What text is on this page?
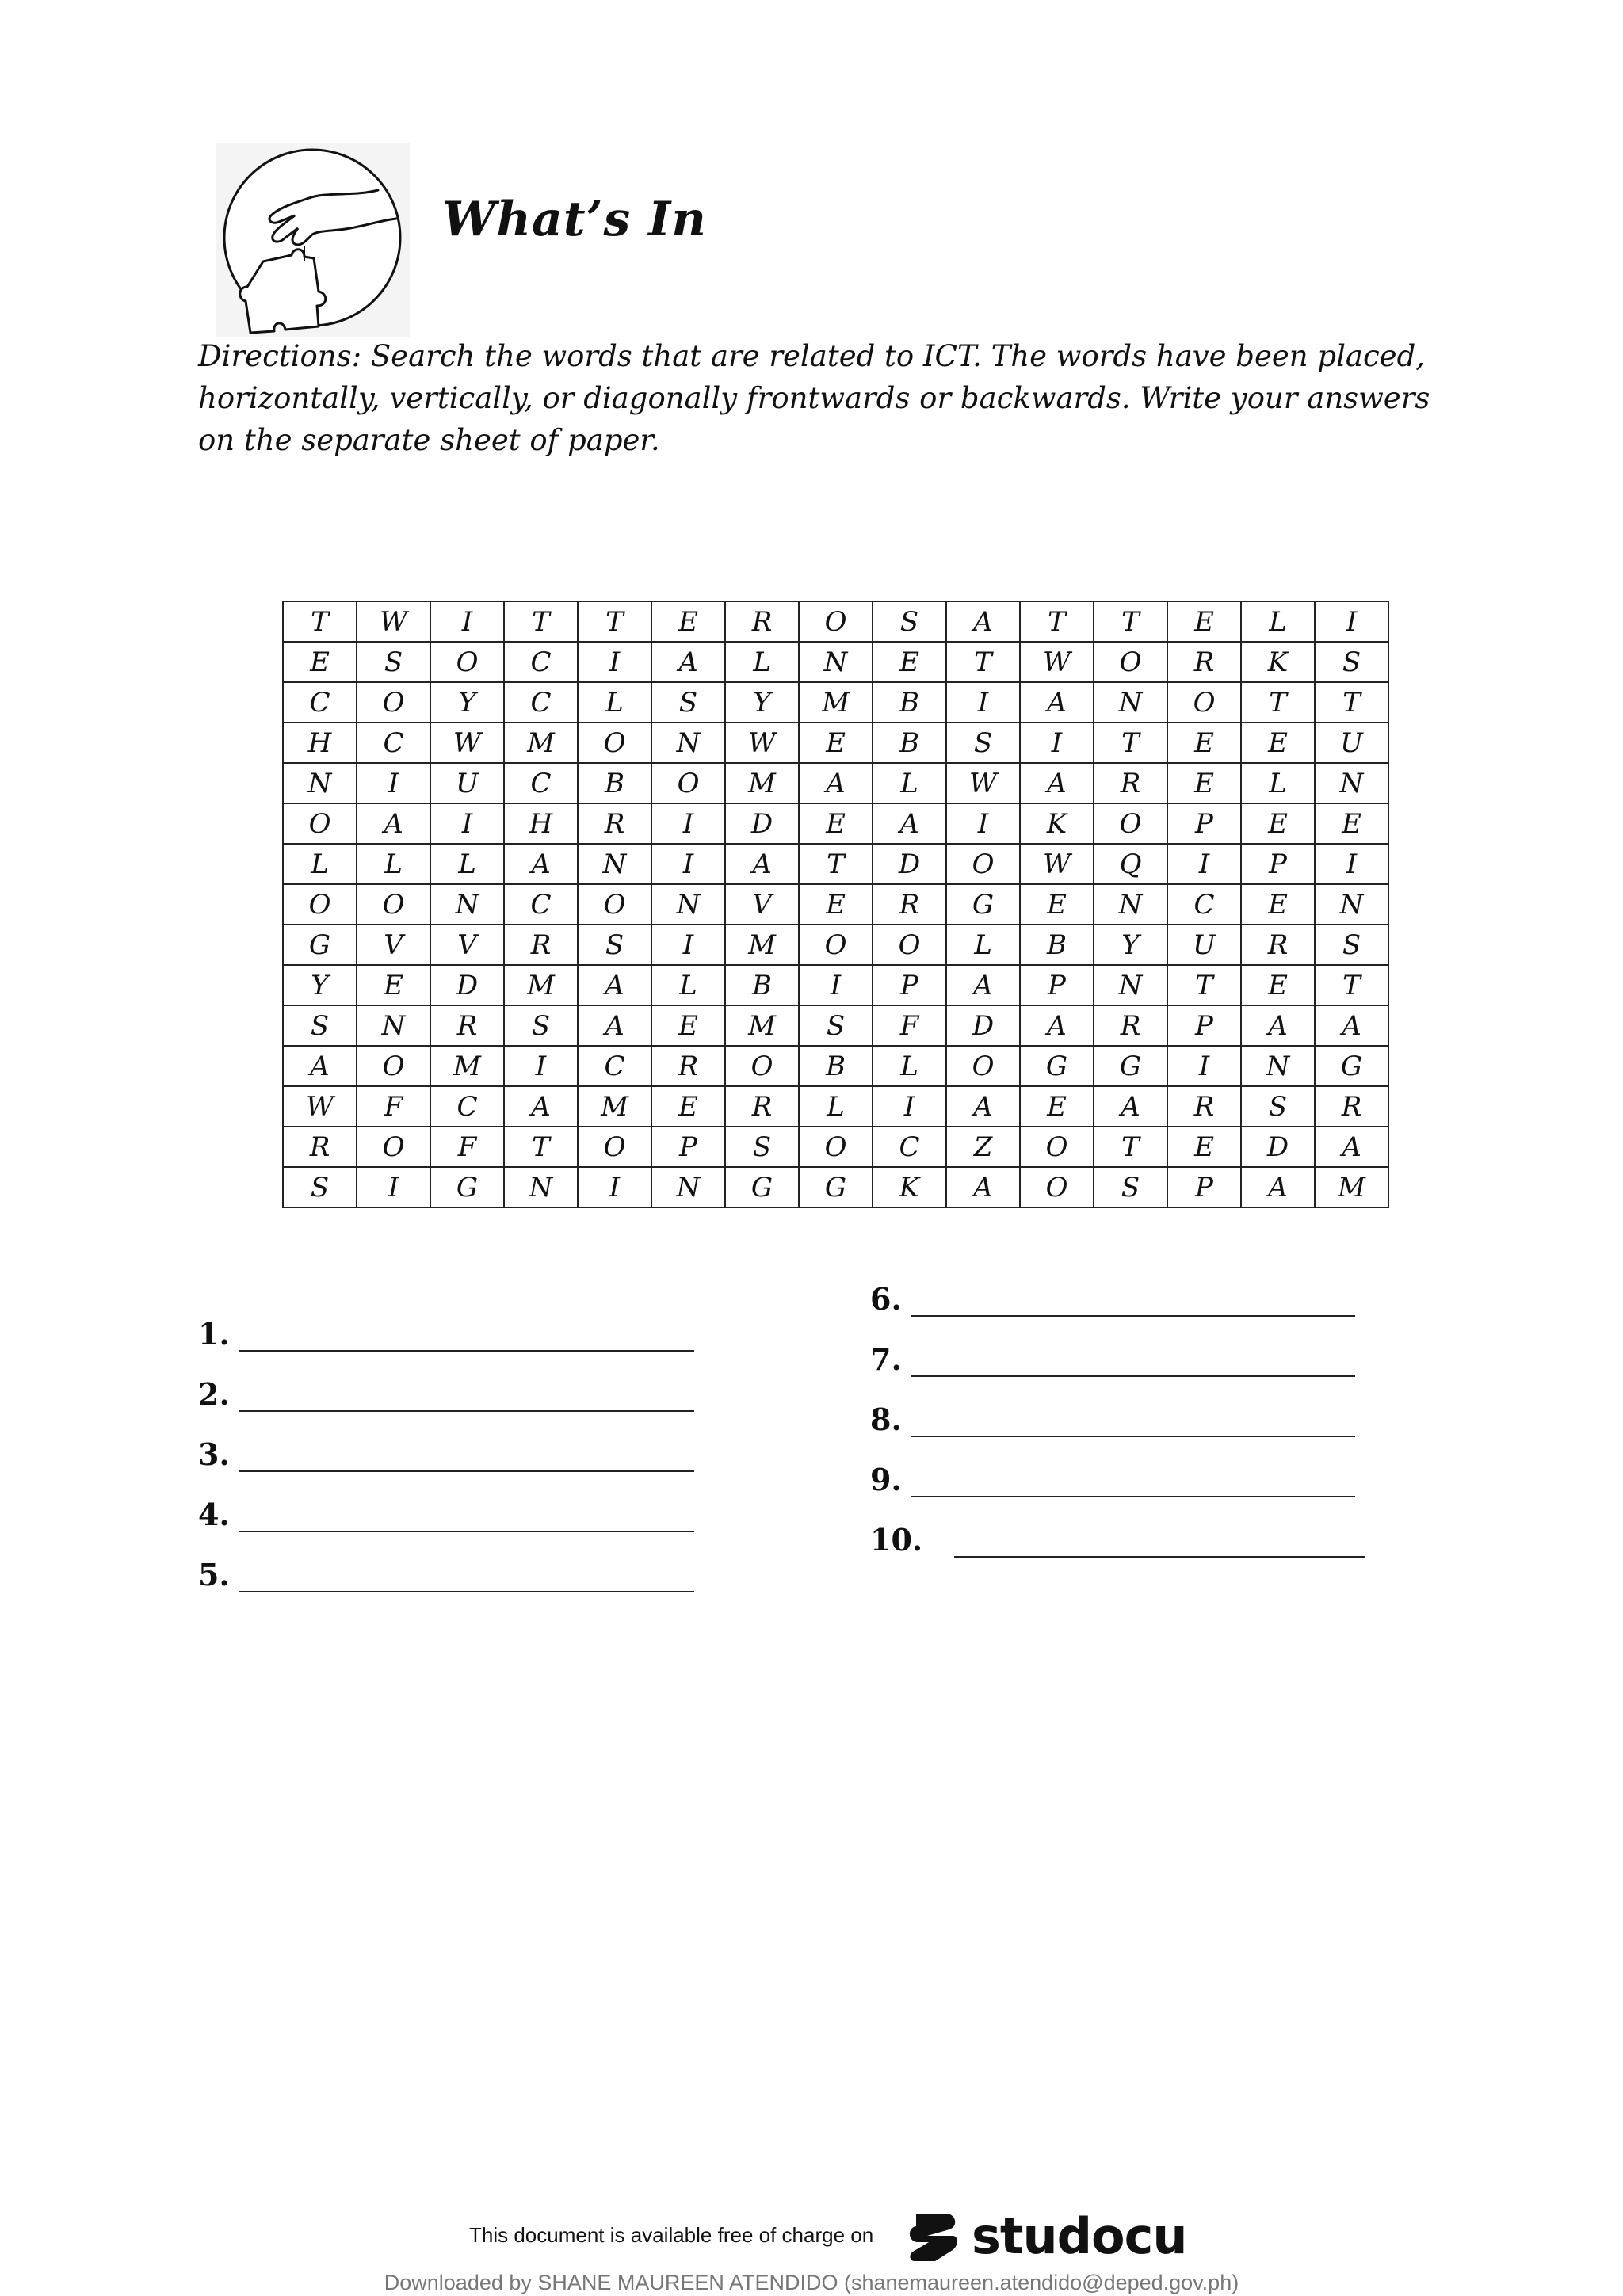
What’s In
Directions: Search the words that are related to ICT. The words have been placed, horizontally, vertically, or diagonally frontwards or backwards. Write your answers on the separate sheet of paper.
T	W	I	T	T	E	R	O	S	A	T	T	E	L	I
E	S	O	C	I	A	L	N	E	T	W	O	R	K	S
C	O	Y	C	L	S	Y	M	B	I	A	N	O	T	T
H	C	W	M	O	N	W	E	B	S	I	T	E	E	U
N	I	U	C	B	O	M	A	L	W	A	R	E	L	N
O	A	I	H	R	I	D	E	A	I	K	O	P	E	E
L	L	L	A	N	I	A	T	D	O	W	Q	I	P	I
O	O	N	C	O	N	V	E	R	G	E	N	C	E	N
G	V	V	R	S	I	M	O	O	L	B	Y	U	R	S
Y	E	D	M	A	L	B	I	P	A	P	N	T	E	T
S	N	R	S	A	E	M	S	F	D	A	R	P	A	A
A	O	M	I	C	R	O	B	L	O	G	G	I	N	G
W	F	C	A	M	E	R	L	I	A	E	A	R	S	R
R	O	F	T	O	P	S	O	C	Z	O	T	E	D	A
S	I	G	N	I	N	G	G	K	A	O	S	P	A	M
1.
2.
3.
4.
5.
6.
7.
8.
9.
10.
This document is available free of charge on studocu
Downloaded by SHANE MAUREEN ATENDIDO (shanemaureen.atendido@deped.gov.ph)
